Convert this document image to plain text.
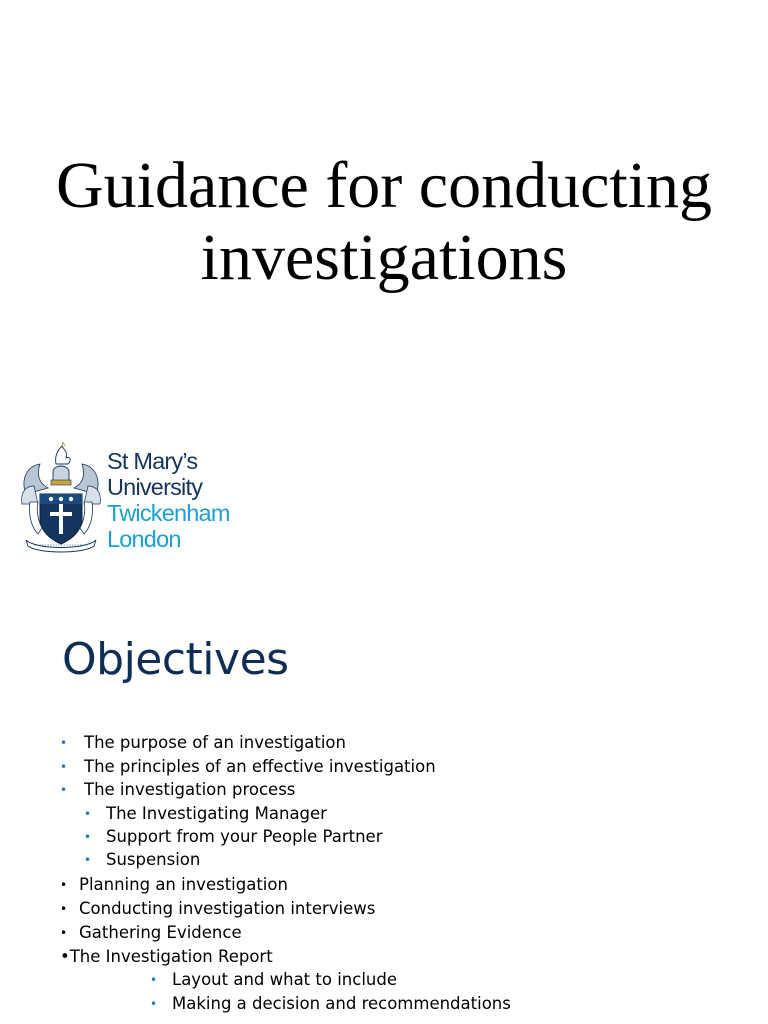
Guidance for conducting
investigations
St Mary’s
University
Twickenham
London
Objectives
• The purpose of an investigation
• The principles of an effective investigation
• The investigation process
• The Investigating Manager
• Support from your People Partner
• Suspension
• Planning an investigation
• Conducting investigation interviews
• Gathering Evidence
•The Investigation Report
• Layout and what to include
• Making a decision and recommendations
